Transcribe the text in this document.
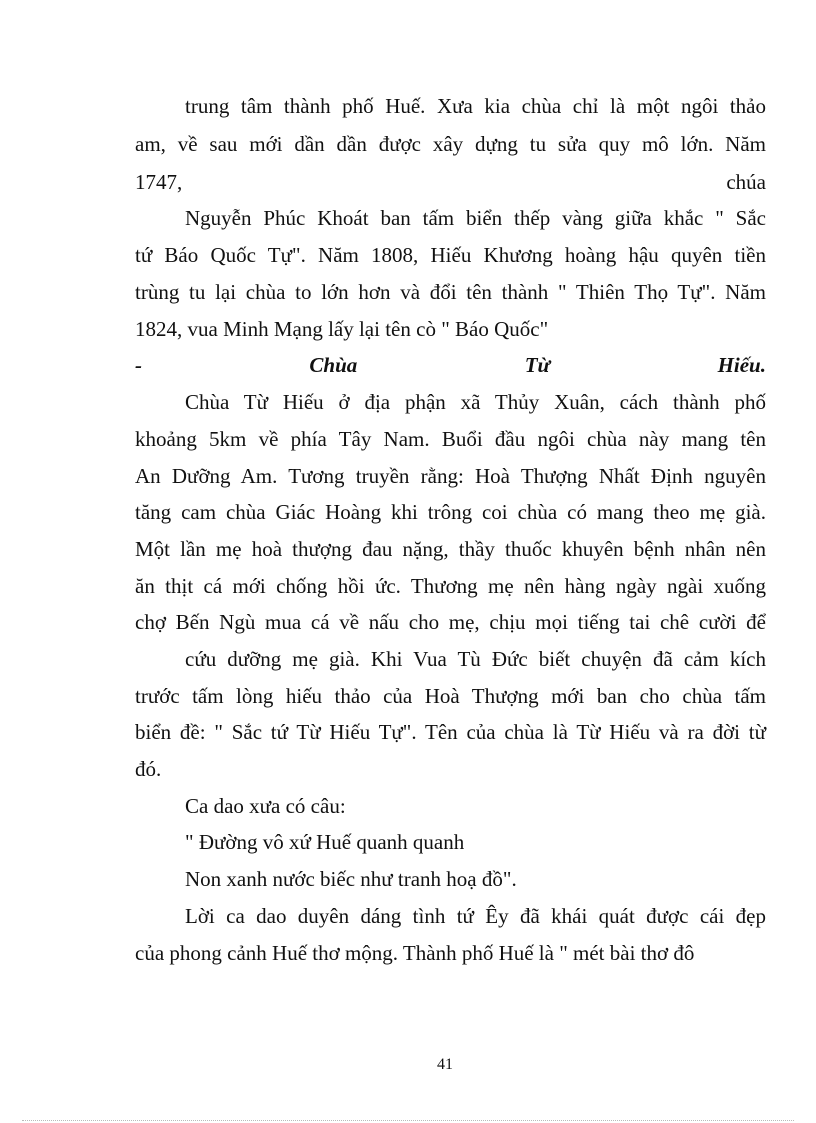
trung tâm thành phố Huế. Xưa kia chùa chỉ là một ngôi thảo
am, về sau mới dần dần được xây dựng tu sửa quy mô lớn. Năm
1747,	chúa
Nguyễn Phúc Khoát ban tấm biển thếp vàng giữa khắc " Sắc
tứ Báo Quốc Tự". Năm 1808, Hiếu Khương hoàng hậu quyên tiền
trùng tu lại chùa to lớn hơn và đổi tên thành " Thiên Thọ Tự". Năm
1824, vua Minh Mạng lấy lại tên cò " Báo Quốc"
-	Chùa	Từ	Hiếu.
Chùa Từ Hiếu ở địa phận xã Thủy Xuân, cách thành phố
khoảng 5km về phía Tây Nam. Buổi đầu ngôi chùa này mang tên
An Dưỡng Am. Tương truyền rằng: Hoà Thượng Nhất Định nguyên
tăng cam chùa Giác Hoàng khi trông coi chùa có mang theo mẹ già.
Một lần mẹ hoà thượng đau nặng, thầy thuốc khuyên bệnh nhân nên
ăn thịt cá mới chống hồi ức. Thương mẹ nên hàng ngày ngài xuống
chợ Bến Ngù mua cá về nấu cho mẹ, chịu mọi tiếng tai chê cười để
cứu dưỡng mẹ già. Khi Vua Tù Đức biết chuyện đã cảm kích
trước tấm lòng hiếu thảo của Hoà Thượng mới ban cho chùa tấm
biển đề: " Sắc tứ Từ Hiếu Tự". Tên của chùa là Từ Hiếu và ra đời từ
đó.
Ca dao xưa có câu:
" Đường vô xứ Huế quanh quanh
Non xanh nước biếc như tranh hoạ đồ".
Lời ca dao duyên dáng tình tứ Êy đã khái quát được cái đẹp
của phong cảnh Huế thơ mộng. Thành phố Huế là " mét bài thơ đô
41
